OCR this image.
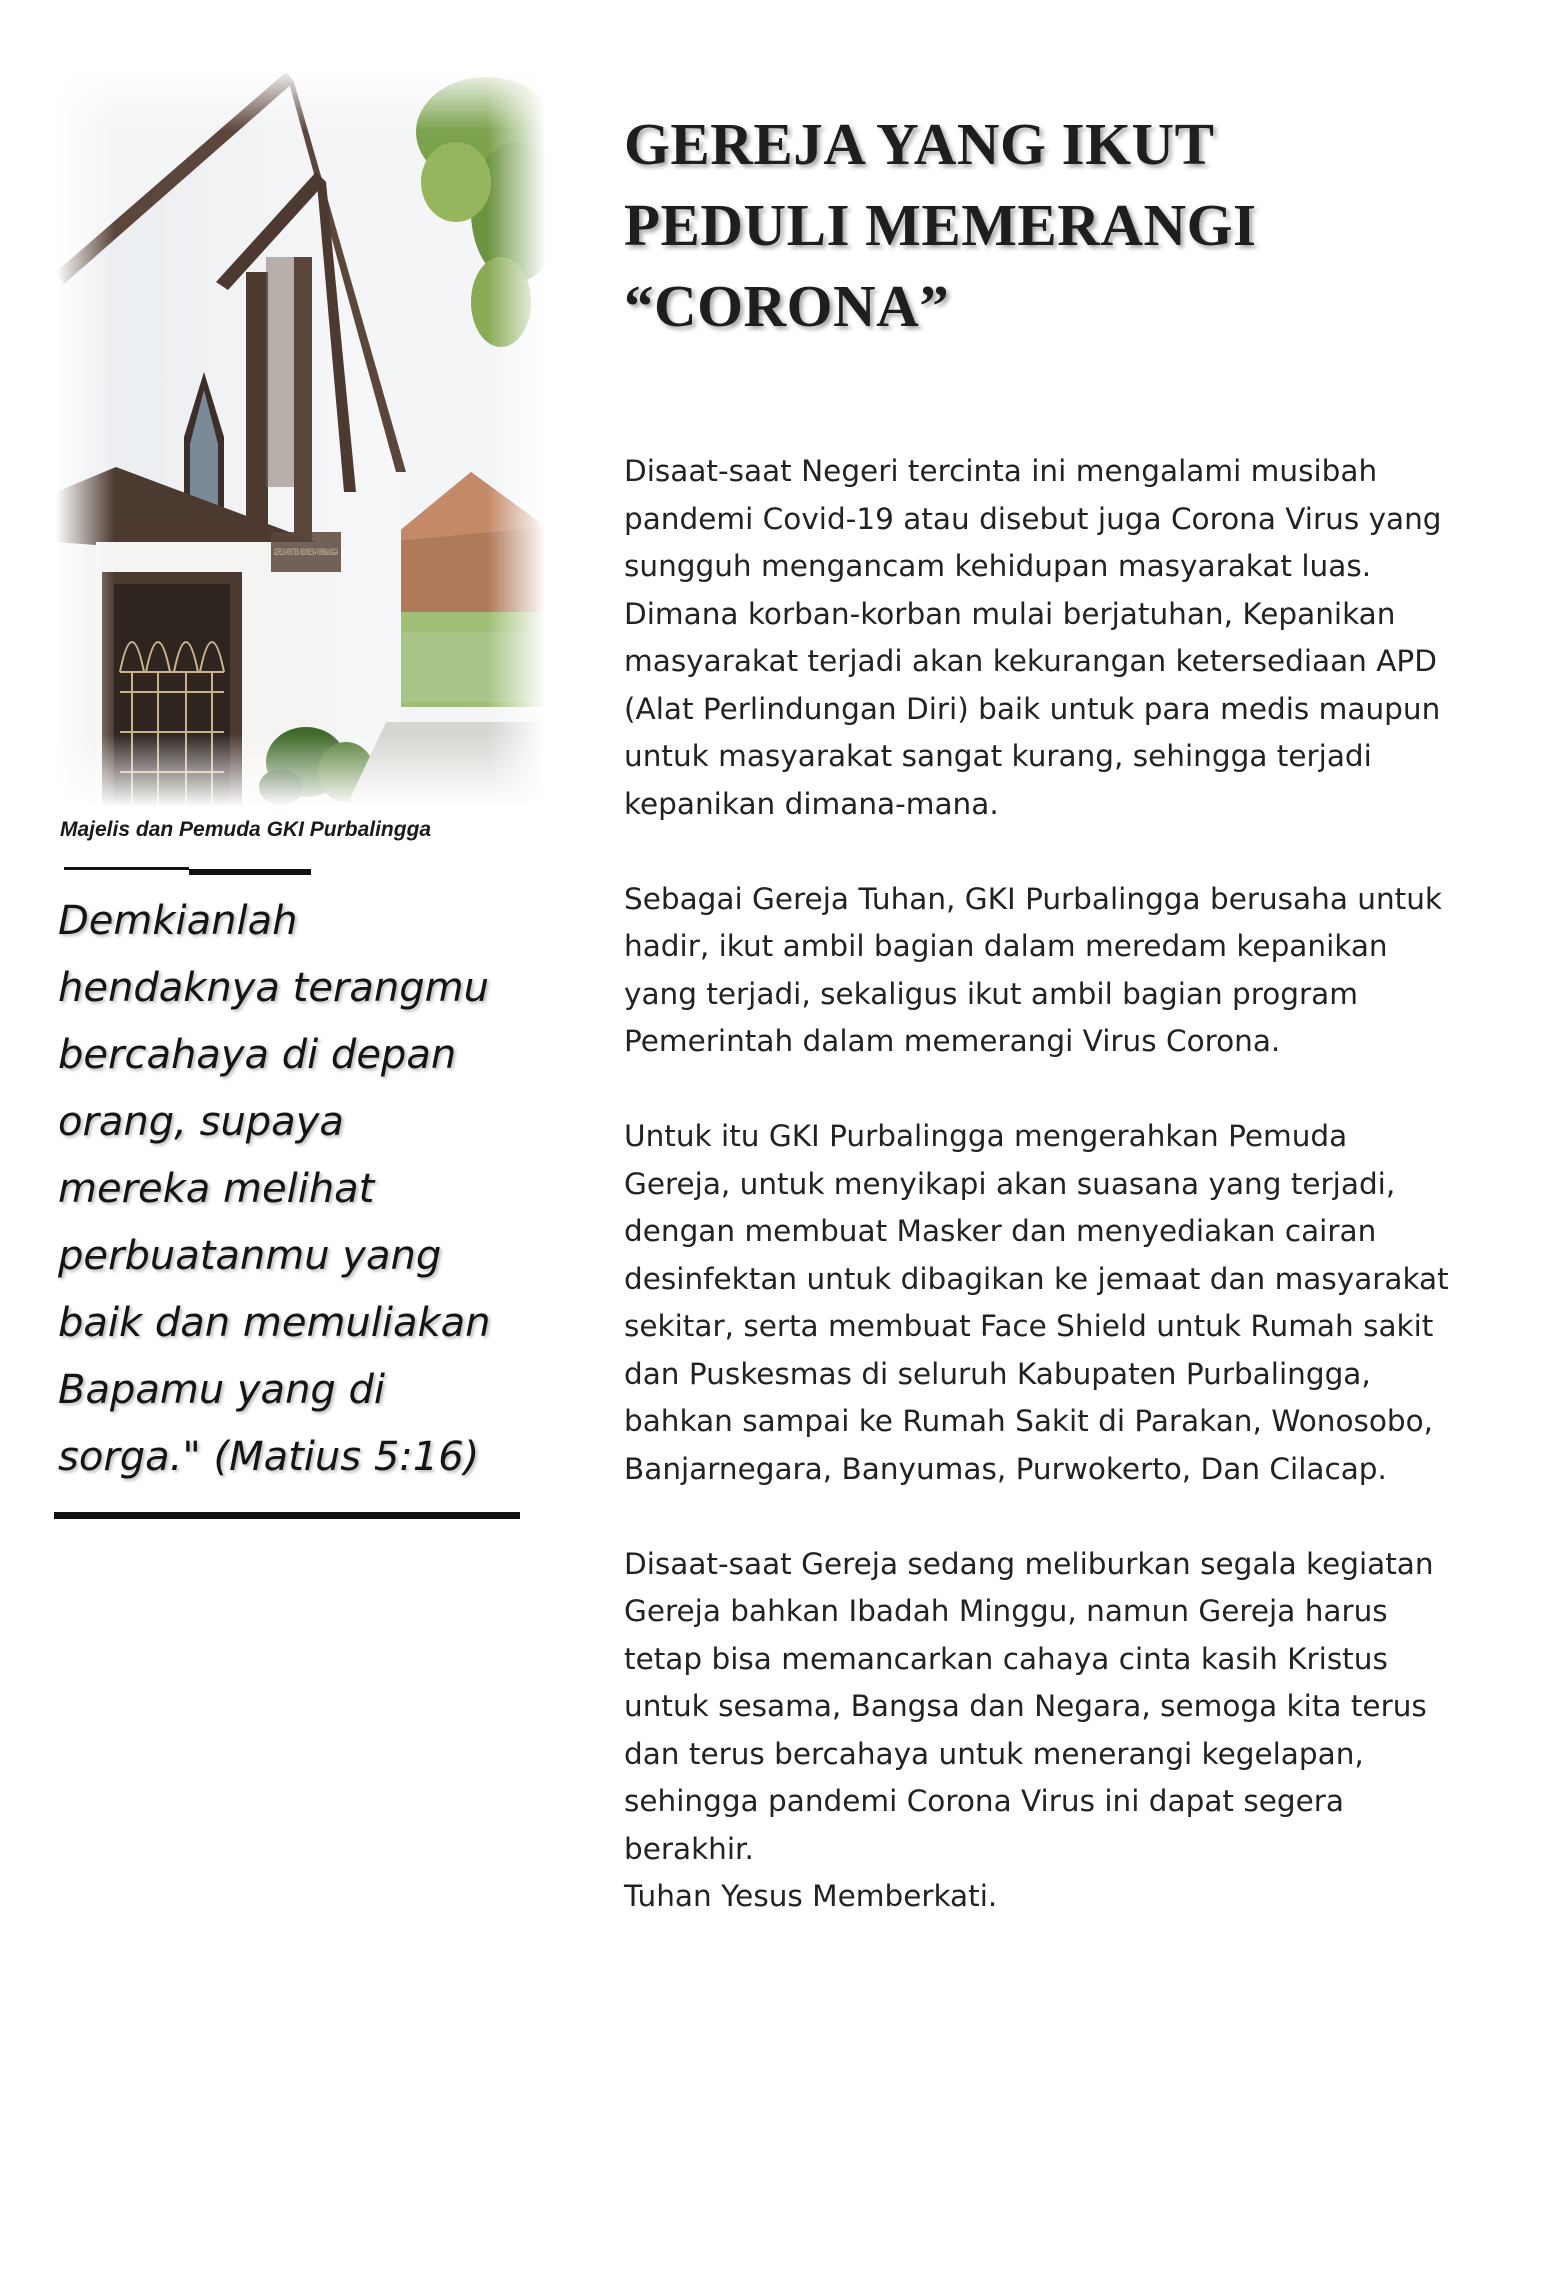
Majelis dan Pemuda GKI Purbalingga
Demkianlah
hendaknya terangmu
bercahaya di depan
orang, supaya
mereka melihat
perbuatanmu yang
baik dan memuliakan
Bapamu yang di
sorga." (Matius 5:16)
GEREJA YANG IKUT
PEDULI MEMERANGI
“CORONA”

Disaat-saat Negeri tercinta ini mengalami musibah
pandemi Covid-19 atau disebut juga Corona Virus yang
sungguh mengancam kehidupan masyarakat luas.
Dimana korban-korban mulai berjatuhan, Kepanikan
masyarakat terjadi akan kekurangan ketersediaan APD
(Alat Perlindungan Diri) baik untuk para medis maupun
untuk masyarakat sangat kurang, sehingga terjadi
kepanikan dimana-mana.

Sebagai Gereja Tuhan, GKI Purbalingga berusaha untuk
hadir, ikut ambil bagian dalam meredam kepanikan
yang terjadi, sekaligus ikut ambil bagian program
Pemerintah dalam memerangi Virus Corona.

Untuk itu GKI Purbalingga mengerahkan Pemuda
Gereja, untuk menyikapi akan suasana yang terjadi,
dengan membuat Masker dan menyediakan cairan
desinfektan untuk dibagikan ke jemaat dan masyarakat
sekitar, serta membuat Face Shield untuk Rumah sakit
dan Puskesmas di seluruh Kabupaten Purbalingga,
bahkan sampai ke Rumah Sakit di Parakan, Wonosobo,
Banjarnegara, Banyumas, Purwokerto, Dan Cilacap.

Disaat-saat Gereja sedang meliburkan segala kegiatan
Gereja bahkan Ibadah Minggu, namun Gereja harus
tetap bisa memancarkan cahaya cinta kasih Kristus
untuk sesama, Bangsa dan Negara, semoga kita terus
dan terus bercahaya untuk menerangi kegelapan,
sehingga pandemi Corona Virus ini dapat segera
berakhir.

Tuhan Yesus Memberkati.
